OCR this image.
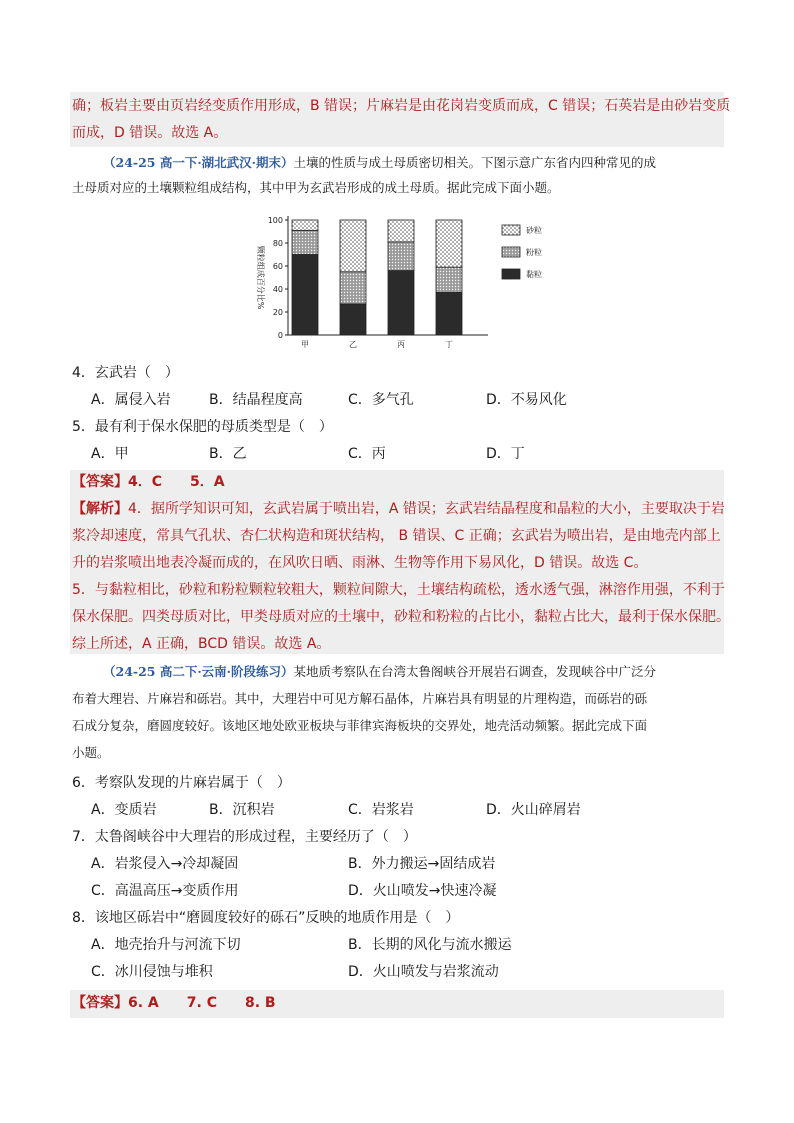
确；板岩主要由页岩经变质作用形成，B 错误；片麻岩是由花岗岩变质而成，C 错误；石英岩是由砂岩变质
而成，D 错误。故选 A。
（24-25 高一下·湖北武汉·期末）土壤的性质与成土母质密切相关。下图示意广东省内四种常见的成
土母质对应的土壤颗粒组成结构，其中甲为玄武岩形成的成土母质。据此完成下面小题。
0
20
40
60
80
100
颗粒组成百分比%
甲	乙	丙	丁
砂粒
粉粒
黏粒
4．玄武岩（　）
A．属侵入岩	B．结晶程度高	C．多气孔	D．不易风化
5．最有利于保水保肥的母质类型是（　）
A．甲	B．乙	C．丙	D．丁
【答案】4．C　　5．A
【解析】4．据所学知识可知，玄武岩属于喷出岩，A 错误；玄武岩结晶程度和晶粒的大小，主要取决于岩
浆冷却速度，常具气孔状、杏仁状构造和斑状结构， B 错误、C 正确；玄武岩为喷出岩，是由地壳内部上
升的岩浆喷出地表冷凝而成的，在风吹日晒、雨淋、生物等作用下易风化，D 错误。故选 C。
5．与黏粒相比，砂粒和粉粒颗粒较粗大，颗粒间隙大，土壤结构疏松，透水透气强，淋溶作用强，不利于
保水保肥。四类母质对比，甲类母质对应的土壤中，砂粒和粉粒的占比小，黏粒占比大，最利于保水保肥。
综上所述，A 正确，BCD 错误。故选 A。
（24-25 高二下·云南·阶段练习）某地质考察队在台湾太鲁阁峡谷开展岩石调查，发现峡谷中广泛分
布着大理岩、片麻岩和砾岩。其中，大理岩中可见方解石晶体，片麻岩具有明显的片理构造，而砾岩的砾
石成分复杂，磨圆度较好。该地区地处欧亚板块与菲律宾海板块的交界处，地壳活动频繁。据此完成下面
小题。
6．考察队发现的片麻岩属于（　）
A．变质岩	B．沉积岩	C．岩浆岩	D．火山碎屑岩
7．太鲁阁峡谷中大理岩的形成过程，主要经历了（　）
A．岩浆侵入→冷却凝固	B．外力搬运→固结成岩
C．高温高压→变质作用	D．火山喷发→快速冷凝
8．该地区砾岩中“磨圆度较好的砾石”反映的地质作用是（　）
A．地壳抬升与河流下切	B．长期的风化与流水搬运
C．冰川侵蚀与堆积	D．火山喷发与岩浆流动
【答案】6. A　　7. C　　8. B
